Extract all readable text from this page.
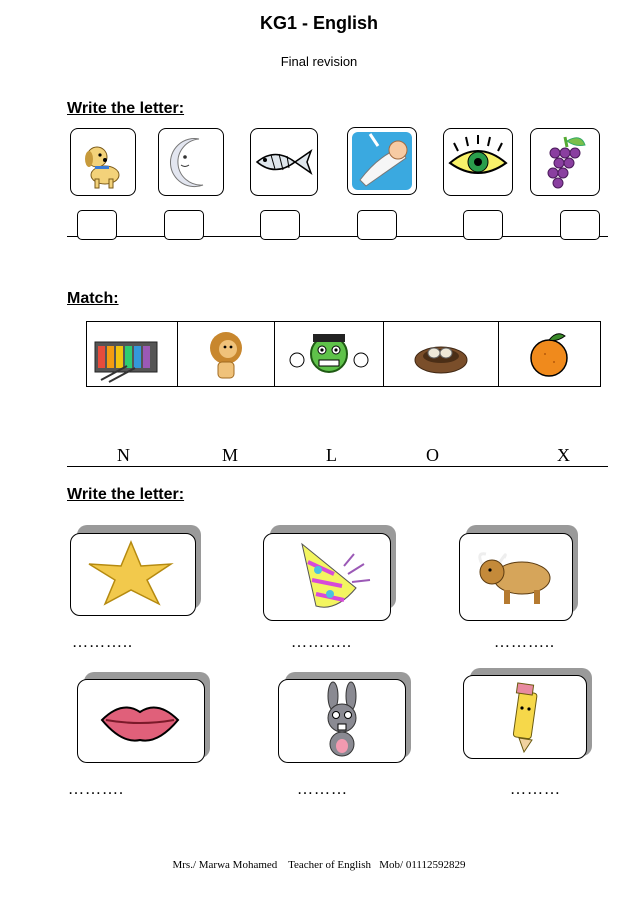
KG1 - English
Final revision
Write the letter:
Match:
N	M	L	O	X
Write the letter:
………..	………..	………..
……….	………	………
Mrs./ Marwa Mohamed    Teacher of English   Mob/ 01112592829
